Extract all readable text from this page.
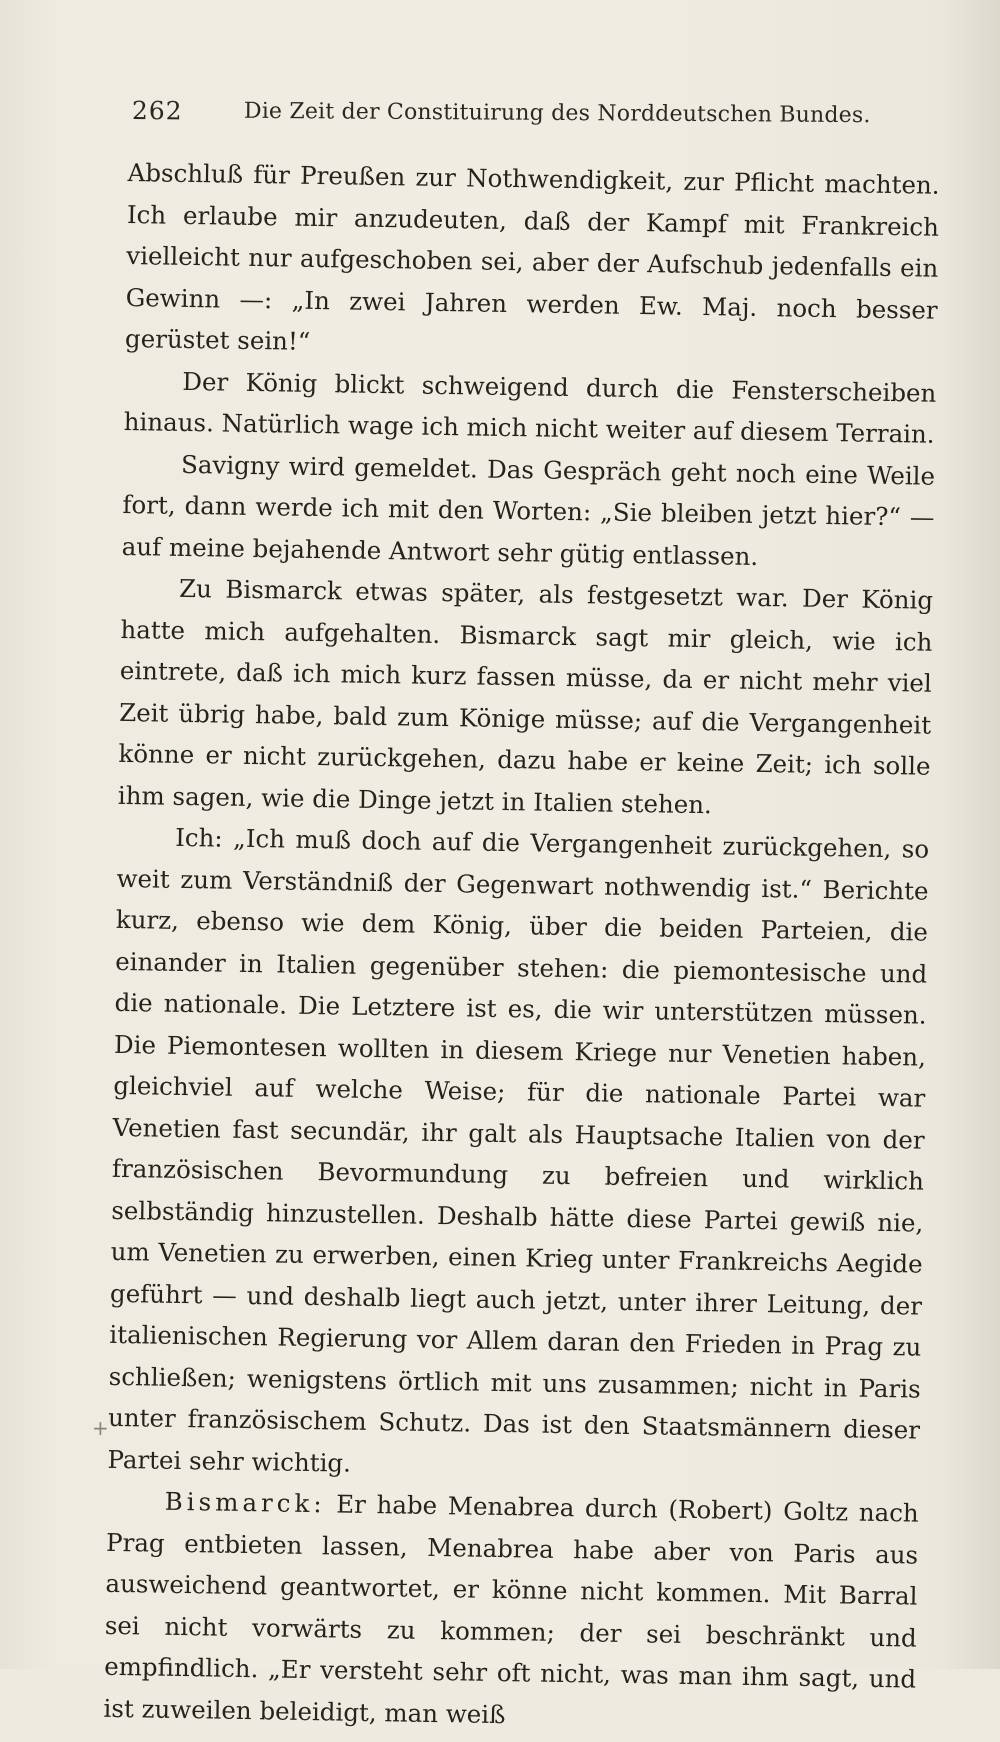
262	Die Zeit der Constituirung des Norddeutschen Bundes.

Abschluß für Preußen zur Nothwendigkeit, zur Pflicht machten. Ich erlaube mir anzudeuten, daß der Kampf mit Frankreich vielleicht nur aufgeschoben sei, aber der Aufschub jedenfalls ein Gewinn —: „In zwei Jahren werden Ew. Maj. noch besser gerüstet sein!“

Der König blickt schweigend durch die Fensterscheiben hinaus. Natürlich wage ich mich nicht weiter auf diesem Terrain.

Savigny wird gemeldet. Das Gespräch geht noch eine Weile fort, dann werde ich mit den Worten: „Sie bleiben jetzt hier?“ — auf meine bejahende Antwort sehr gütig entlassen.

Zu Bismarck etwas später, als festgesetzt war. Der König hatte mich aufgehalten. Bismarck sagt mir gleich, wie ich eintrete, daß ich mich kurz fassen müsse, da er nicht mehr viel Zeit übrig habe, bald zum Könige müsse; auf die Vergangenheit könne er nicht zurückgehen, dazu habe er keine Zeit; ich solle ihm sagen, wie die Dinge jetzt in Italien stehen.

Ich: „Ich muß doch auf die Vergangenheit zurückgehen, so weit zum Verständniß der Gegenwart nothwendig ist.“ Berichte kurz, ebenso wie dem König, über die beiden Parteien, die einander in Italien gegenüber stehen: die piemontesische und die nationale. Die Letztere ist es, die wir unterstützen müssen. Die Piemontesen wollten in diesem Kriege nur Venetien haben, gleichviel auf welche Weise; für die nationale Partei war Venetien fast secundär, ihr galt als Hauptsache Italien von der französischen Bevormundung zu befreien und wirklich selbständig hinzustellen. Deshalb hätte diese Partei gewiß nie, um Venetien zu erwerben, einen Krieg unter Frankreichs Aegide geführt — und deshalb liegt auch jetzt, unter ihrer Leitung, der italienischen Regierung vor Allem daran den Frieden in Prag zu schließen; wenigstens örtlich mit uns zusammen; nicht in Paris unter französischem Schutz. Das ist den Staatsmännern dieser Partei sehr wichtig.

Bismarck: Er habe Menabrea durch (Robert) Goltz nach Prag entbieten lassen, Menabrea habe aber von Paris aus ausweichend geantwortet, er könne nicht kommen. Mit Barral sei nicht vorwärts zu kommen; der sei beschränkt und empfindlich. „Er versteht sehr oft nicht, was man ihm sagt, und ist zuweilen beleidigt, man weiß

+
